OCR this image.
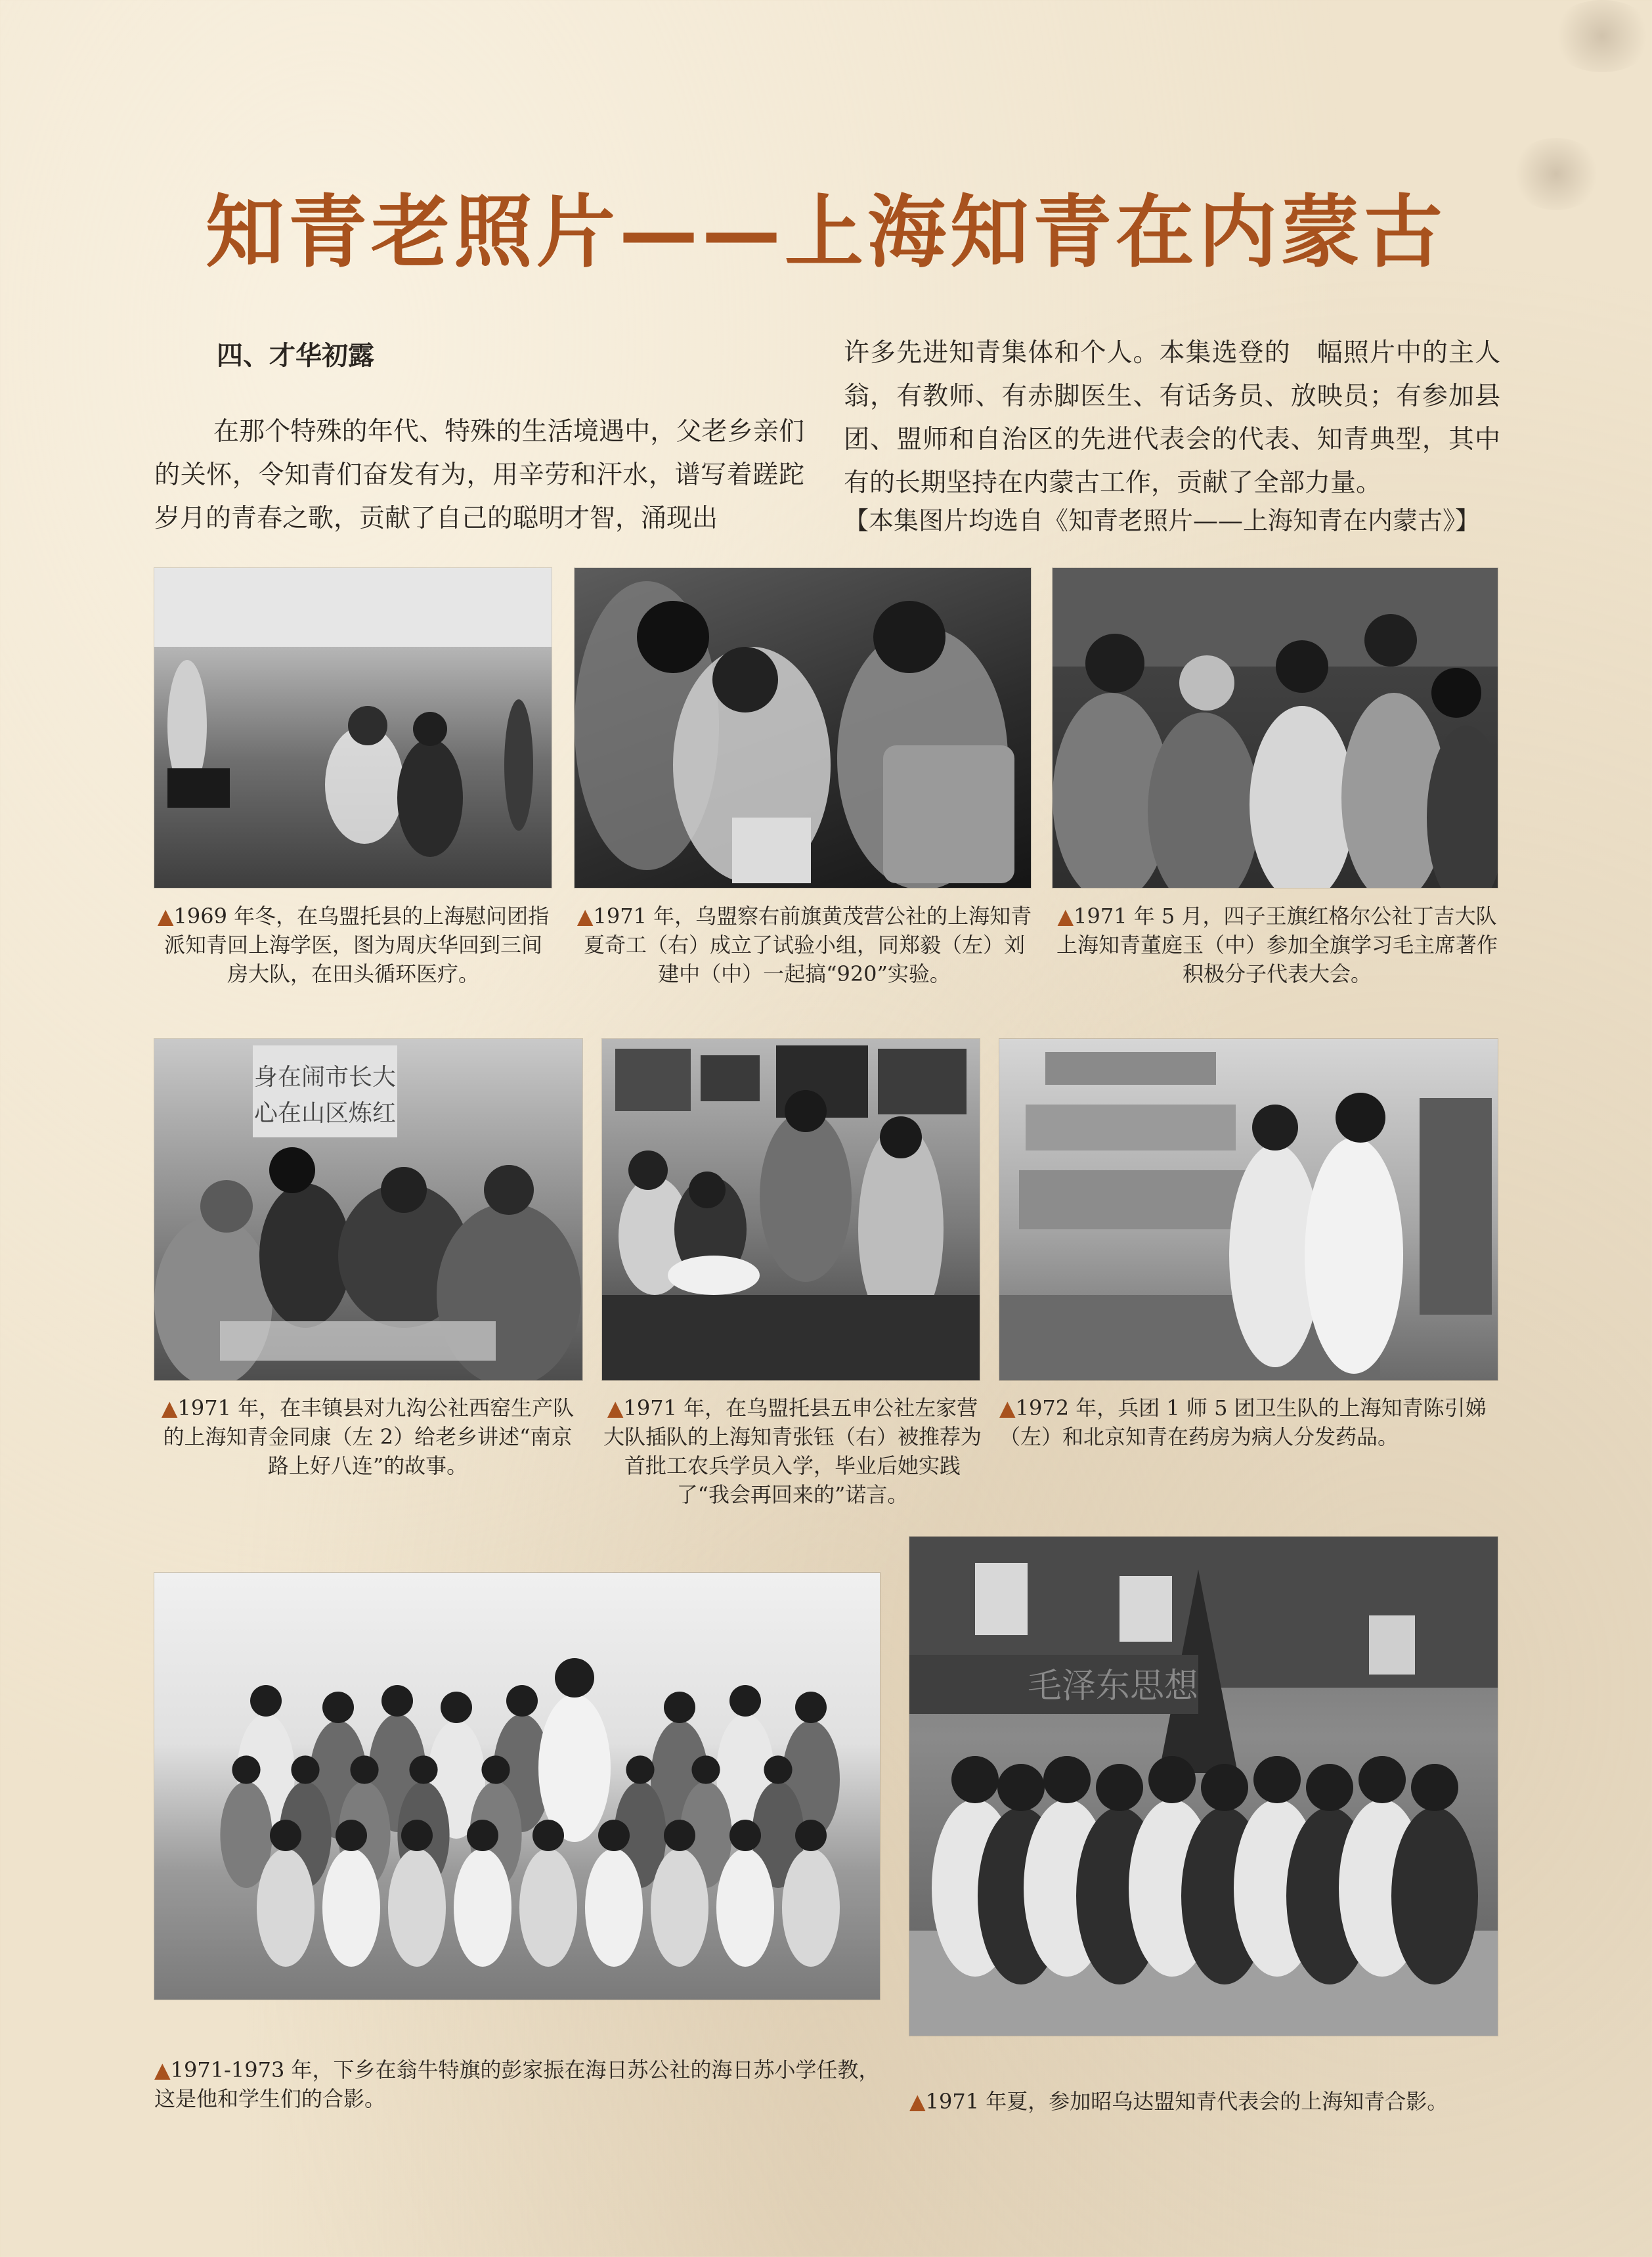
知青老照片——上海知青在内蒙古
四、才华初露

在那个特殊的年代、特殊的生活境遇中，父老乡亲们的关怀，令知青们奋发有为，用辛劳和汗水，谱写着蹉跎岁月的青春之歌，贡献了自己的聪明才智，涌现出

许多先进知青集体和个人。本集选登的　幅照片中的主人翁，有教师、有赤脚医生、有话务员、放映员；有参加县团、盟师和自治区的先进代表会的代表、知青典型，其中有的长期坚持在内蒙古工作，贡献了全部力量。

【本集图片均选自《知青老照片——上海知青在内蒙古》】

▲1969 年冬，在乌盟托县的上海慰问团指派知青回上海学医，图为周庆华回到三间房大队，在田头循环医疗。

▲1971 年，乌盟察右前旗黄茂营公社的上海知青夏奇工（右）成立了试验小组，同郑毅（左）刘建中（中）一起搞“920”实验。

▲1971 年 5 月，四子王旗红格尔公社丁吉大队上海知青董庭玉（中）参加全旗学习毛主席著作积极分子代表大会。

身在闹市长大
心在山区炼红

▲1971 年，在丰镇县对九沟公社西窑生产队的上海知青金同康（左 2）给老乡讲述“南京路上好八连”的故事。

▲1971 年，在乌盟托县五申公社左家营大队插队的上海知青张钰（右）被推荐为首批工农兵学员入学，毕业后她实践了“我会再回来的”诺言。

▲1972 年，兵团 1 师 5 团卫生队的上海知青陈引娣（左）和北京知青在药房为病人分发药品。

毛泽东思想

▲1971-1973 年，下乡在翁牛特旗的彭家振在海日苏公社的海日苏小学任教，这是他和学生们的合影。	▲1971 年夏，参加昭乌达盟知青代表会的上海知青合影。
